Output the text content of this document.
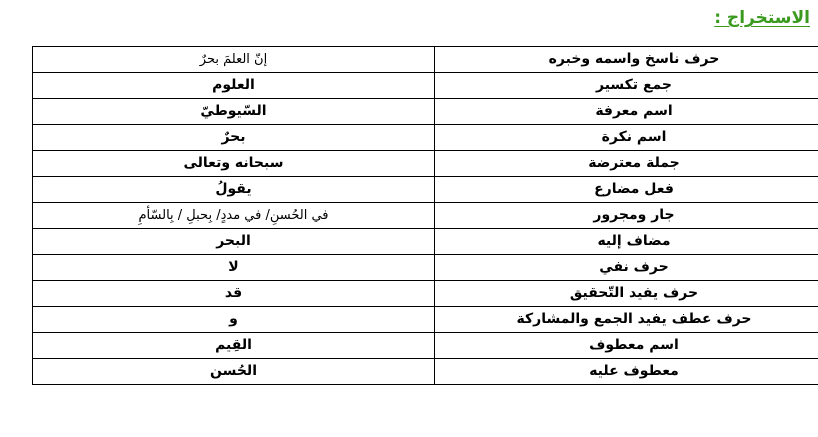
الاستخراج :
حرف ناسخ واسمه وخبره	إنّ العلمَ بحرٌ
جمع تكسير	العلوم
اسم معرفة	السّيوطيّ
اسم نكرة	بحرٌ
جملة معترضة	سبحانه وتعالى
فعل مضارع	يقولُ
جار ومجرور	في الحُسنِ/ في مددٍ/ بِحبلِ / بِالسّأمِ
مضاف إليه	البحر
حرف نفي	لا
حرف يفيد التّحقيق	قد
حرف عطف يفيد الجمع والمشاركة	و
اسم معطوف	القِيم
معطوف عليه	الحُسن
